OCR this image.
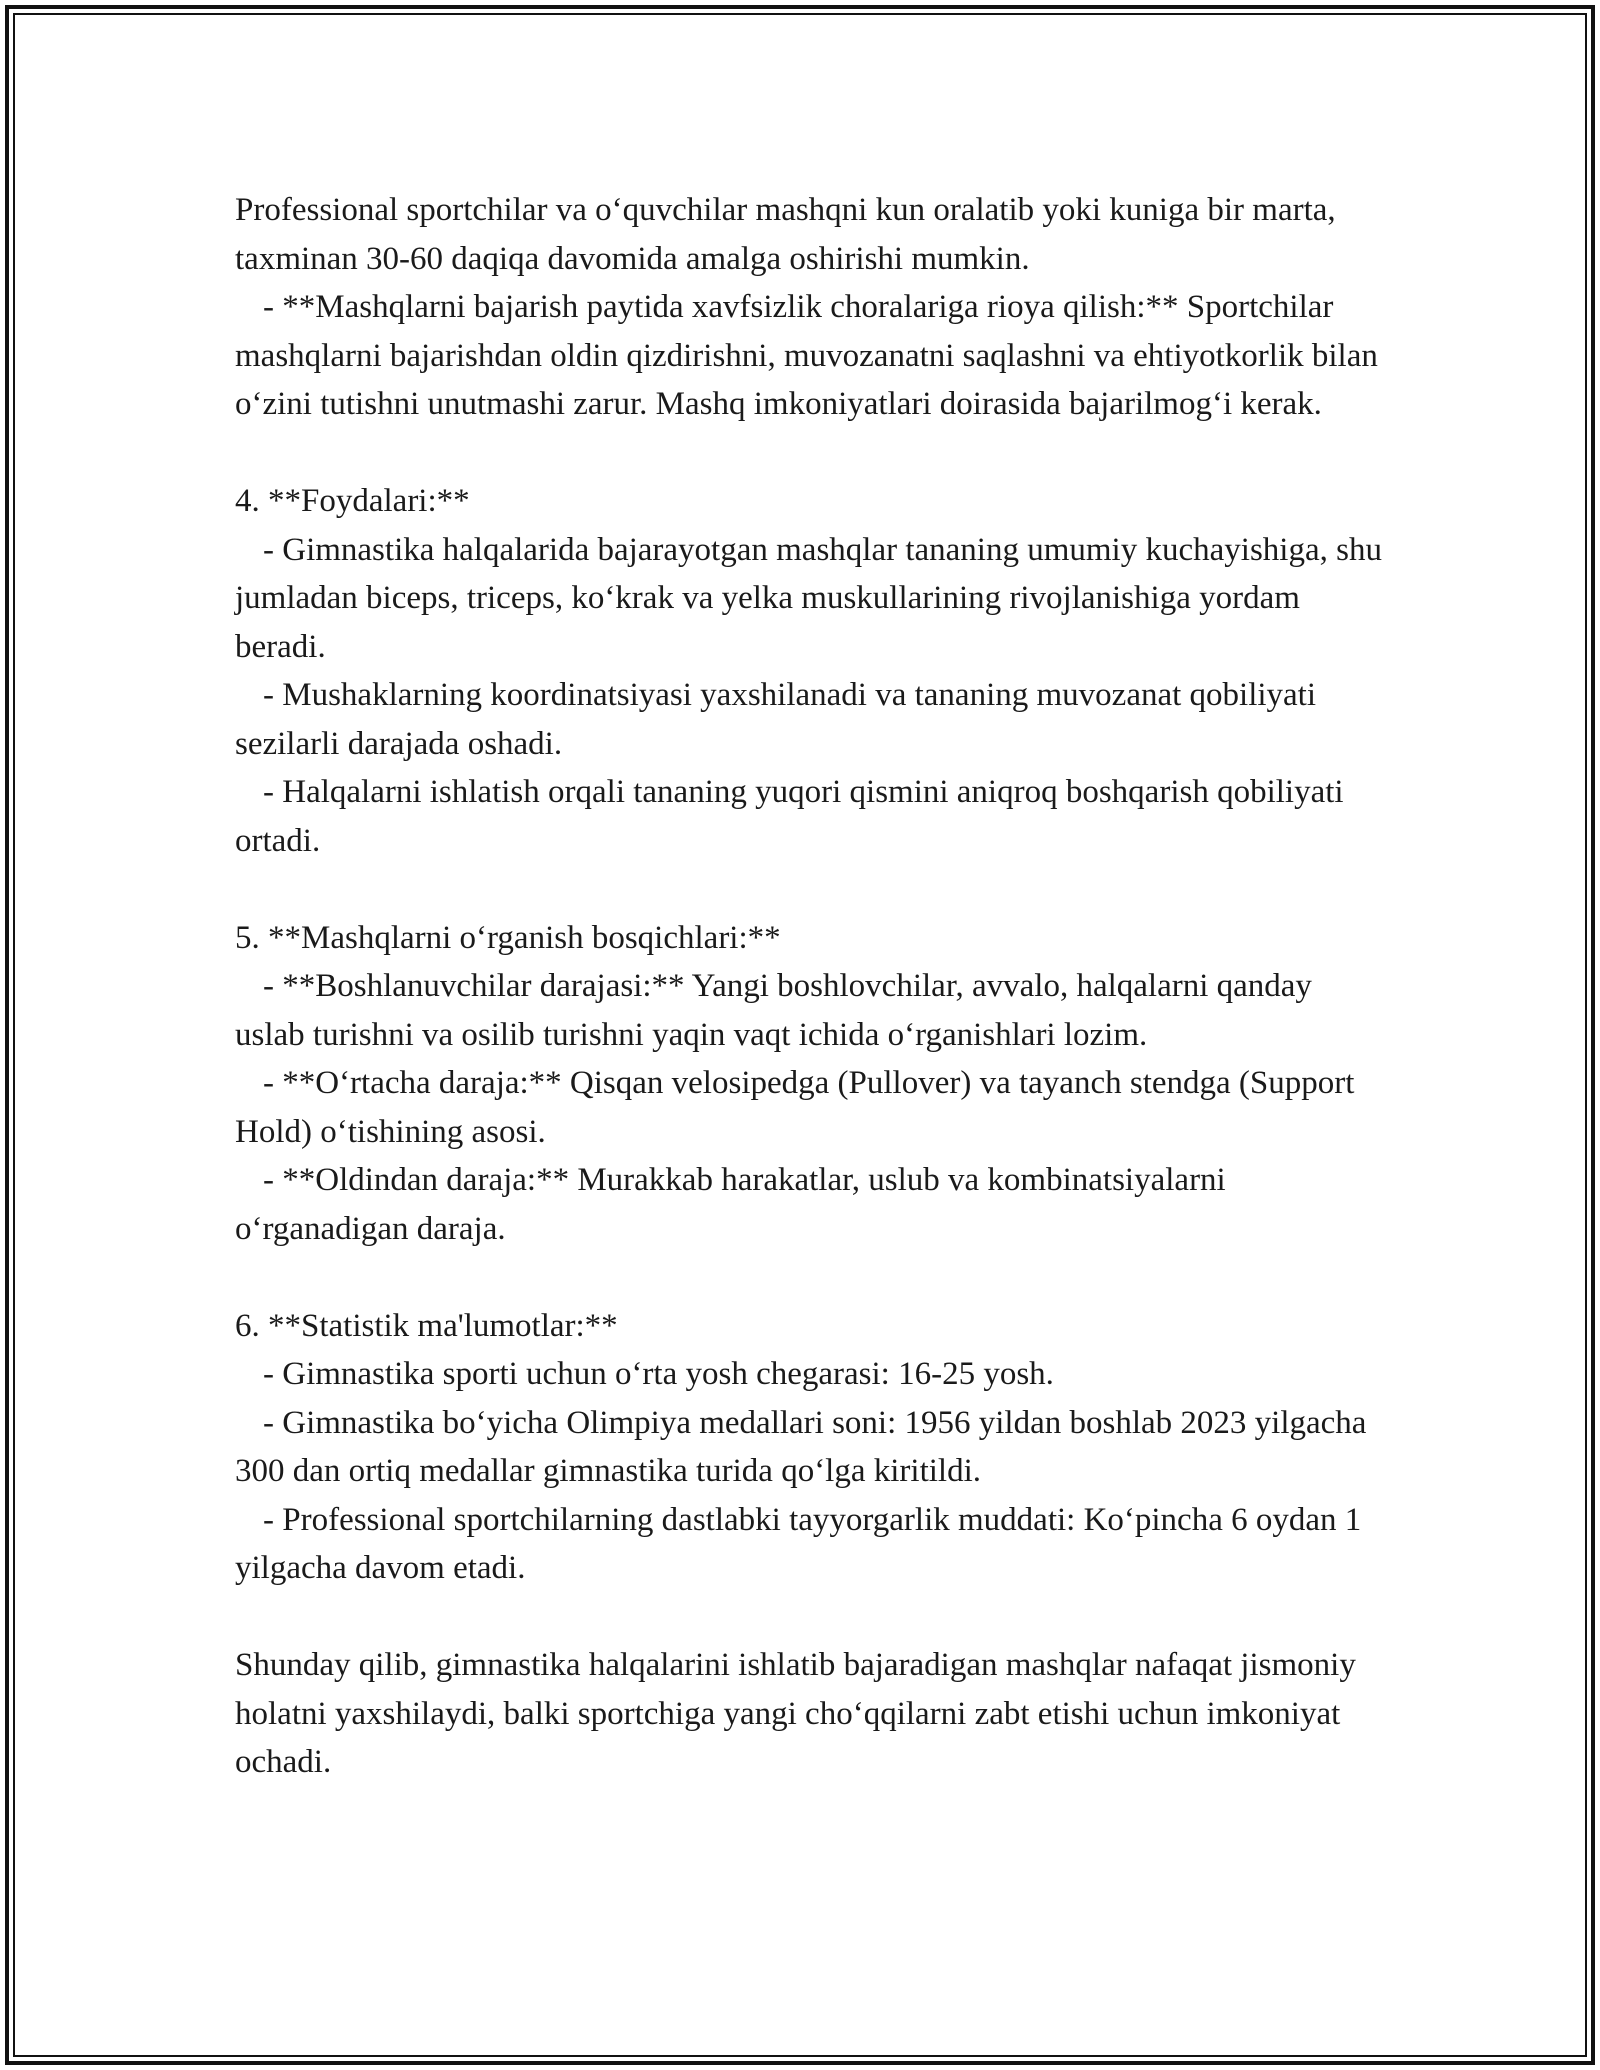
Professional sportchilar va o‘quvchilar mashqni kun oralatib yoki kuniga bir marta, taxminan 30-60 daqiqa davomida amalga oshirishi mumkin.

- **Mashqlarni bajarish paytida xavfsizlik choralariga rioya qilish:** Sportchilar mashqlarni bajarishdan oldin qizdirishni, muvozanatni saqlashni va ehtiyotkorlik bilan o‘zini tutishni unutmashi zarur. Mashq imkoniyatlari doirasida bajarilmog‘i kerak.

4. **Foydalari:**

- Gimnastika halqalarida bajarayotgan mashqlar tananing umumiy kuchayishiga, shu jumladan biceps, triceps, ko‘krak va yelka muskullarining rivojlanishiga yordam beradi.

- Mushaklarning koordinatsiyasi yaxshilanadi va tananing muvozanat qobiliyati sezilarli darajada oshadi.

- Halqalarni ishlatish orqali tananing yuqori qismini aniqroq boshqarish qobiliyati ortadi.

5. **Mashqlarni o‘rganish bosqichlari:**

- **Boshlanuvchilar darajasi:** Yangi boshlovchilar, avvalo, halqalarni qanday uslab turishni va osilib turishni yaqin vaqt ichida o‘rganishlari lozim.

- **O‘rtacha daraja:** Qisqan velosipedga (Pullover) va tayanch stendga (Support Hold) o‘tishining asosi.

- **Oldindan daraja:** Murakkab harakatlar, uslub va kombinatsiyalarni o‘rganadigan daraja.

6. **Statistik ma'lumotlar:**

- Gimnastika sporti uchun o‘rta yosh chegarasi: 16-25 yosh.

- Gimnastika bo‘yicha Olimpiya medallari soni: 1956 yildan boshlab 2023 yilgacha 300 dan ortiq medallar gimnastika turida qo‘lga kiritildi.

- Professional sportchilarning dastlabki tayyorgarlik muddati: Ko‘pincha 6 oydan 1 yilgacha davom etadi.

Shunday qilib, gimnastika halqalarini ishlatib bajaradigan mashqlar nafaqat jismoniy holatni yaxshilaydi, balki sportchiga yangi cho‘qqilarni zabt etishi uchun imkoniyat ochadi.
